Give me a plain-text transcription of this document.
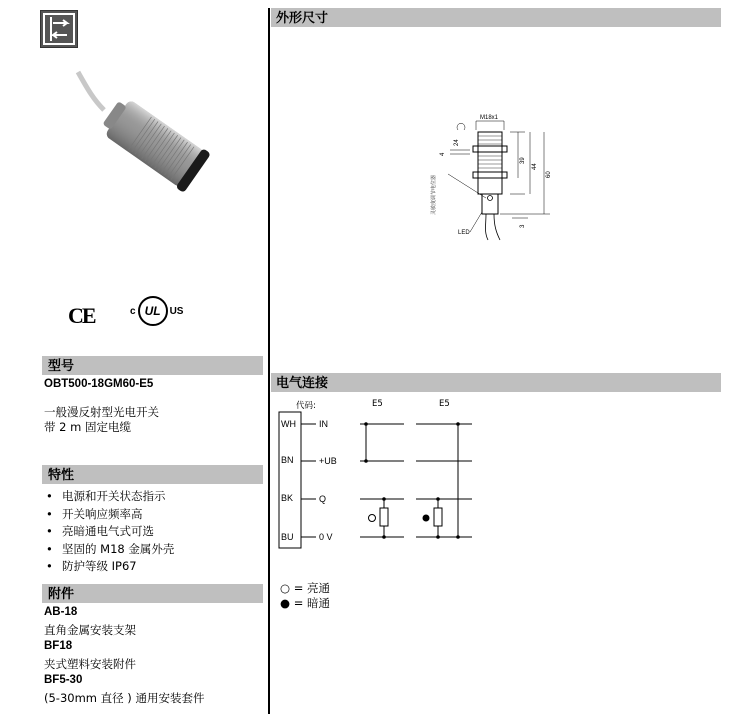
CE	c UL US
型号
OBT500-18GM60-E5
一般漫反射型光电开关
带 2 m 固定电缆
特性
• 电源和开关状态指示
• 开关响应频率高
• 亮暗通电气式可选
• 坚固的 M18 金属外壳
• 防护等级 IP67
附件
AB-18
直角金属安装支架
BF18
夹式塑料安装附件
BF5-30
(5-30mm 直径 ) 通用安装套件
外形尺寸
M18x1
LED
灵敏度调节电位器
4
24
39
44
60
3
电气连接
代码:	E5	E5
WH
BN
BK
BU
IN
+UB
Q
0 V
○ = 亮通
● = 暗通
